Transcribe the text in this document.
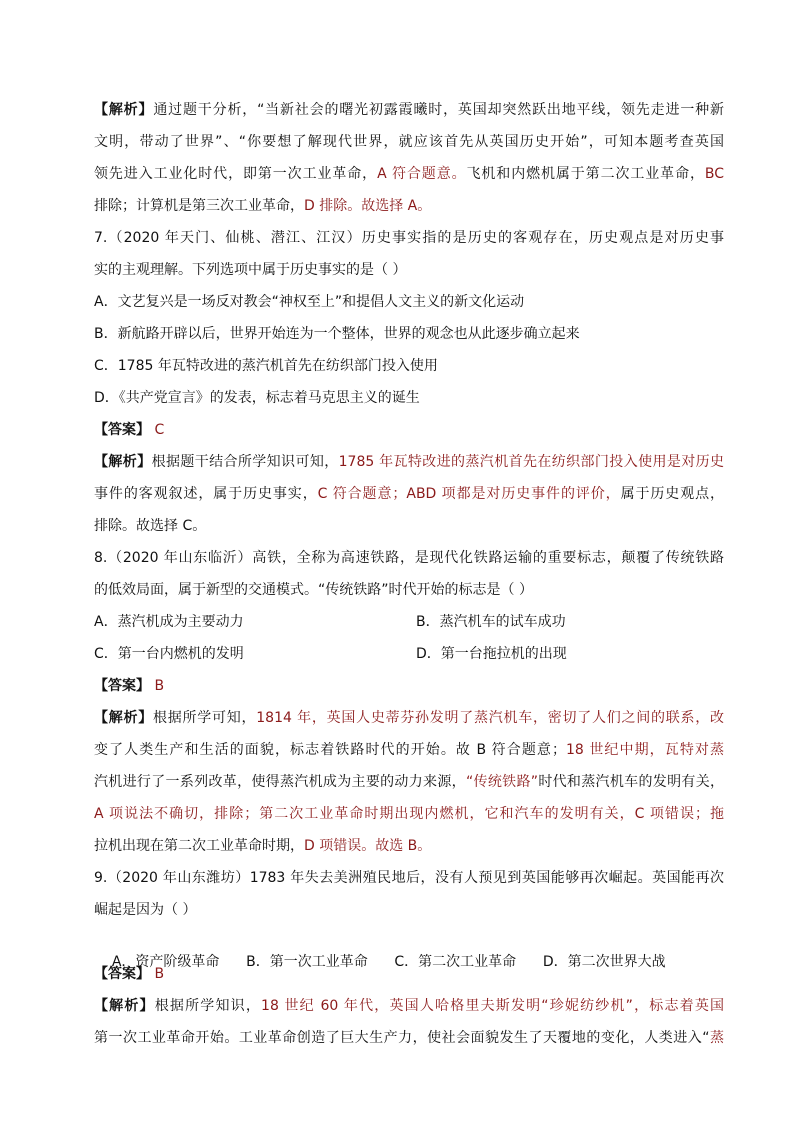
【解析】通过题干分析，“当新社会的曙光初露霞曦时，英国却突然跃出地平线，领先走进一种新
文明，带动了世界”、“你要想了解现代世界，就应该首先从英国历史开始”，可知本题考查英国
领先进入工业化时代，即第一次工业革命，A 符合题意。飞机和内燃机属于第二次工业革命，BC
排除；计算机是第三次工业革命，D 排除。故选择 A。
7.（2020 年天门、仙桃、潜江、江汉）历史事实指的是历史的客观存在，历史观点是对历史事
实的主观理解。下列选项中属于历史事实的是（ ）
A．文艺复兴是一场反对教会“神权至上”和提倡人文主义的新文化运动
B．新航路开辟以后，世界开始连为一个整体，世界的观念也从此逐步确立起来
C．1785 年瓦特改进的蒸汽机首先在纺织部门投入使用
D．《共产党宣言》的发表，标志着马克思主义的诞生
【答案】 C
【解析】根据题干结合所学知识可知，1785 年瓦特改进的蒸汽机首先在纺织部门投入使用是对历史
事件的客观叙述，属于历史事实，C 符合题意；ABD 项都是对历史事件的评价，属于历史观点，
排除。故选择 C。
8.（2020 年山东临沂）高铁，全称为高速铁路，是现代化铁路运输的重要标志，颠覆了传统铁路
的低效局面，属于新型的交通模式。“传统铁路”时代开始的标志是（ ）
A．蒸汽机成为主要动力	B．蒸汽机车的试车成功
C．第一台内燃机的发明	D．第一台拖拉机的出现
【答案】 B
【解析】根据所学可知，1814 年，英国人史蒂芬孙发明了蒸汽机车，密切了人们之间的联系，改
变了人类生产和生活的面貌，标志着铁路时代的开始。故 B 符合题意；18 世纪中期，瓦特对蒸
汽机进行了一系列改革，使得蒸汽机成为主要的动力来源，“传统铁路”时代和蒸汽机车的发明有关，
A 项说法不确切，排除；第二次工业革命时期出现内燃机，它和汽车的发明有关，C 项错误；拖
拉机出现在第二次工业革命时期，D 项错误。故选 B。
9.（2020 年山东潍坊）1783 年失去美洲殖民地后，没有人预见到英国能够再次崛起。英国能再次
崛起是因为（ ）

A．资产阶级革命      B．第一次工业革命      C．第二次工业革命      D．第二次世界大战

【答案】 B
【解析】根据所学知识，18 世纪 60 年代，英国人哈格里夫斯发明“珍妮纺纱机”，标志着英国
第一次工业革命开始。工业革命创造了巨大生产力，使社会面貌发生了天覆地的变化，人类进入“蒸
